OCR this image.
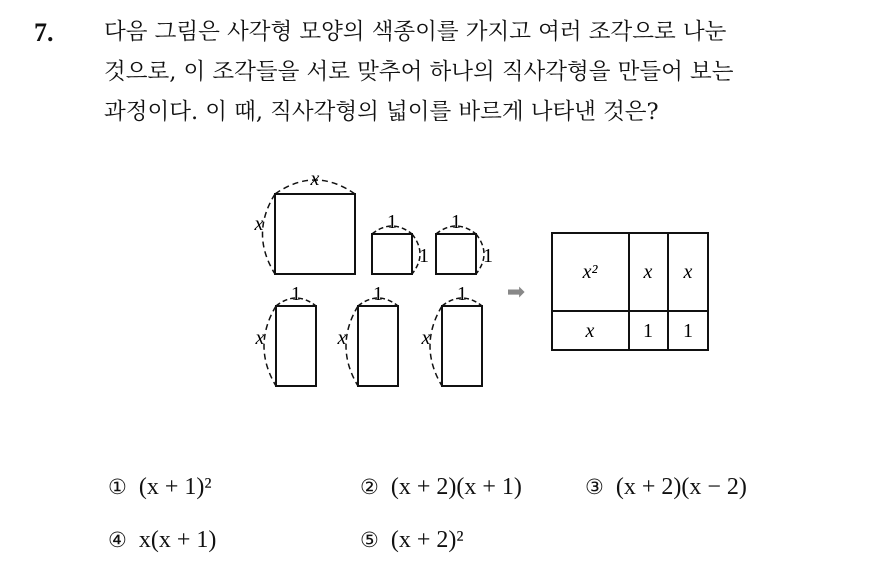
7. 다음 그림은 사각형 모양의 색종이를 가지고 여러 조각으로 나눈
것으로, 이 조각들을 서로 맞추어 하나의 직사각형을 만들어 보는
과정이다. 이 때, 직사각형의 넓이를 바르게 나타낸 것은?
x
x	1
1
1
1
1
x
1
x
1
x
➡
x² x x
x 1 1
① (x + 1)²	② (x + 2)(x + 1)	③ (x + 2)(x − 2)
④ x(x + 1)	⑤ (x + 2)²
